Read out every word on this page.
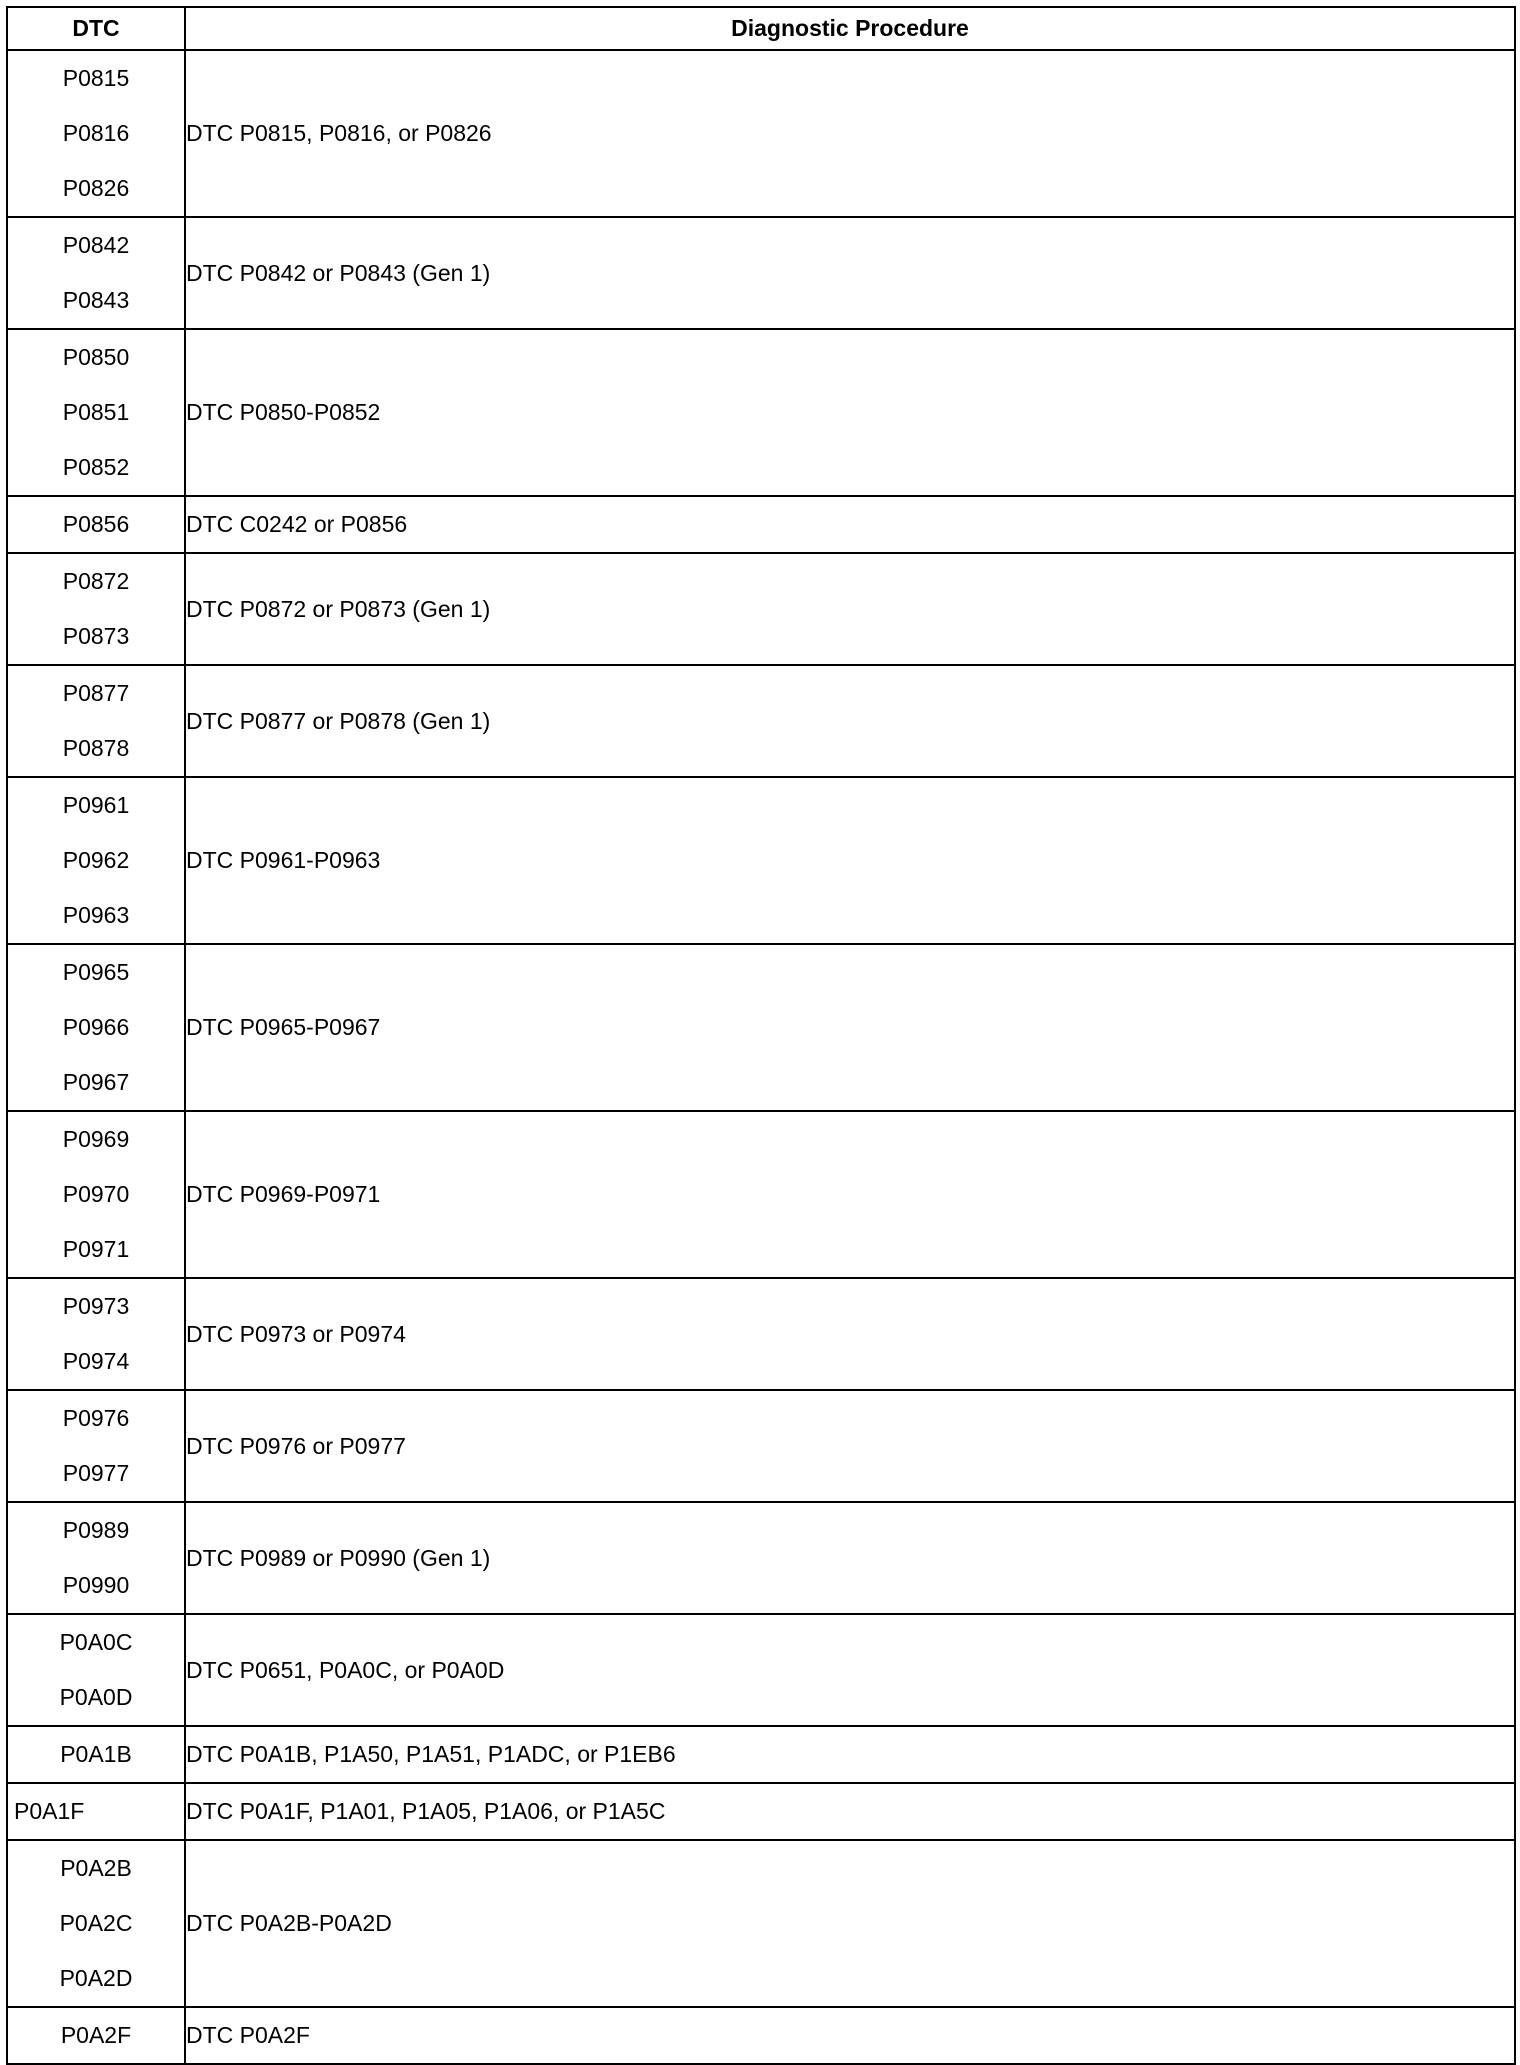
DTC	Diagnostic Procedure

P0815
P0816
P0826	DTC P0815, P0816, or P0826

P0842
P0843	DTC P0842 or P0843 (Gen 1)

P0850
P0851
P0852	DTC P0850-P0852

P0856	DTC C0242 or P0856

P0872
P0873	DTC P0872 or P0873 (Gen 1)

P0877
P0878	DTC P0877 or P0878 (Gen 1)

P0961
P0962
P0963	DTC P0961-P0963

P0965
P0966
P0967	DTC P0965-P0967

P0969
P0970
P0971	DTC P0969-P0971

P0973
P0974	DTC P0973 or P0974

P0976
P0977	DTC P0976 or P0977

P0989
P0990	DTC P0989 or P0990 (Gen 1)

P0A0C
P0A0D	DTC P0651, P0A0C, or P0A0D

P0A1B	DTC P0A1B, P1A50, P1A51, P1ADC, or P1EB6

P0A1F	DTC P0A1F, P1A01, P1A05, P1A06, or P1A5C

P0A2B
P0A2C
P0A2D	DTC P0A2B-P0A2D

P0A2F	DTC P0A2F
